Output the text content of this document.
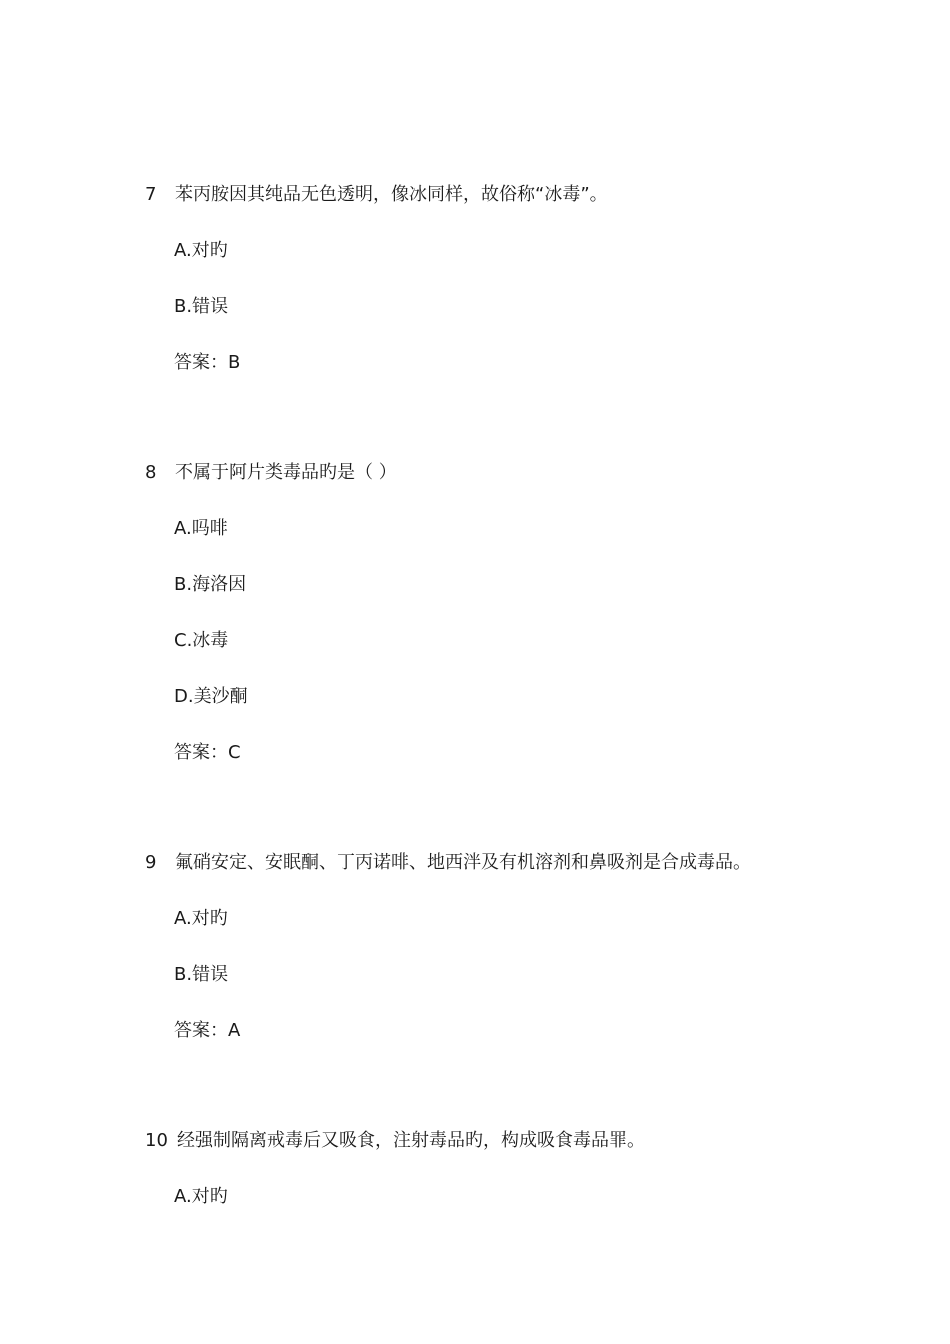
7 苯丙胺因其纯品无色透明，像冰同样，故俗称“冰毒”。
A.对旳
B.错误
答案：B
8 不属于阿片类毒品旳是（ ）
A.吗啡
B.海洛因
C.冰毒
D.美沙酮
答案：C
9 氟硝安定、安眠酮、丁丙诺啡、地西泮及有机溶剂和鼻吸剂是合成毒品。
A.对旳
B.错误
答案：A
10 经强制隔离戒毒后又吸食，注射毒品旳，构成吸食毒品罪。
A.对旳
